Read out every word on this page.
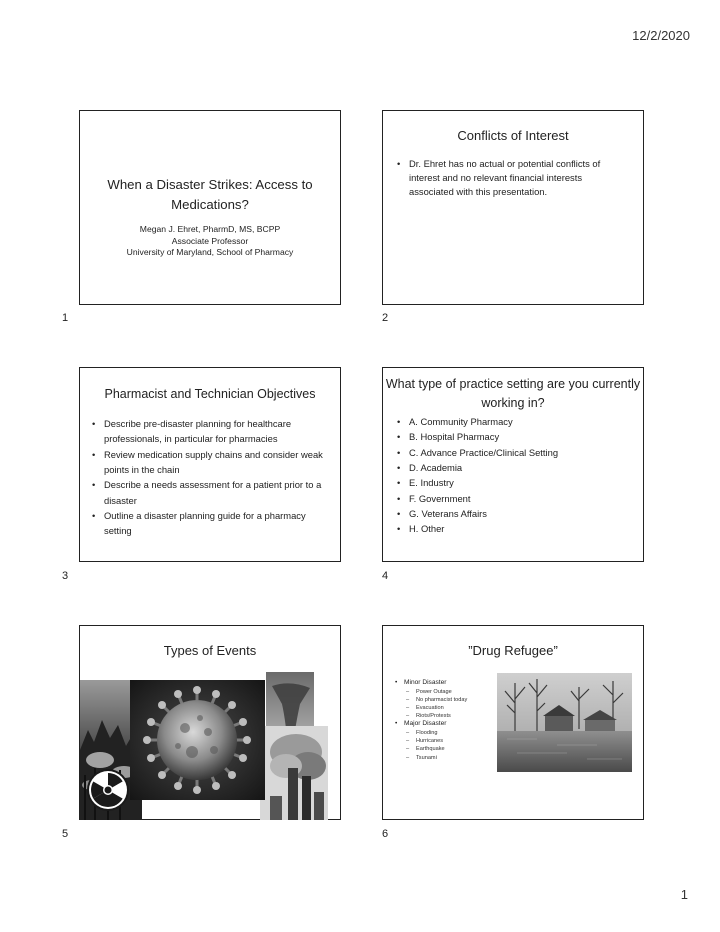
12/2/2020
When a Disaster Strikes: Access to Medications?
Megan J. Ehret, PharmD, MS, BCPP
Associate Professor
University of Maryland, School of Pharmacy
1
Conflicts of Interest
• Dr. Ehret has no actual or potential conflicts of interest and no relevant financial interests associated with this presentation.
2
Pharmacist and Technician Objectives
• Describe pre-disaster planning for healthcare professionals, in particular for pharmacies
• Review medication supply chains and consider weak points in the chain
• Describe a needs assessment for a patient prior to a disaster
• Outline a disaster planning guide for a pharmacy setting
3
What type of practice setting are you currently working in?
• A. Community Pharmacy
• B. Hospital Pharmacy
• C. Advance Practice/Clinical Setting
• D. Academia
• E. Industry
• F. Government
• G. Veterans Affairs
• H. Other
4
Types of Events
5
”Drug Refugee”
• Minor Disaster
– Power Outage
– No pharmacist today
– Evacuation
– Riots/Protests
• Major Disaster
– Flooding
– Hurricanes
– Earthquake
– Tsunami
6
1
